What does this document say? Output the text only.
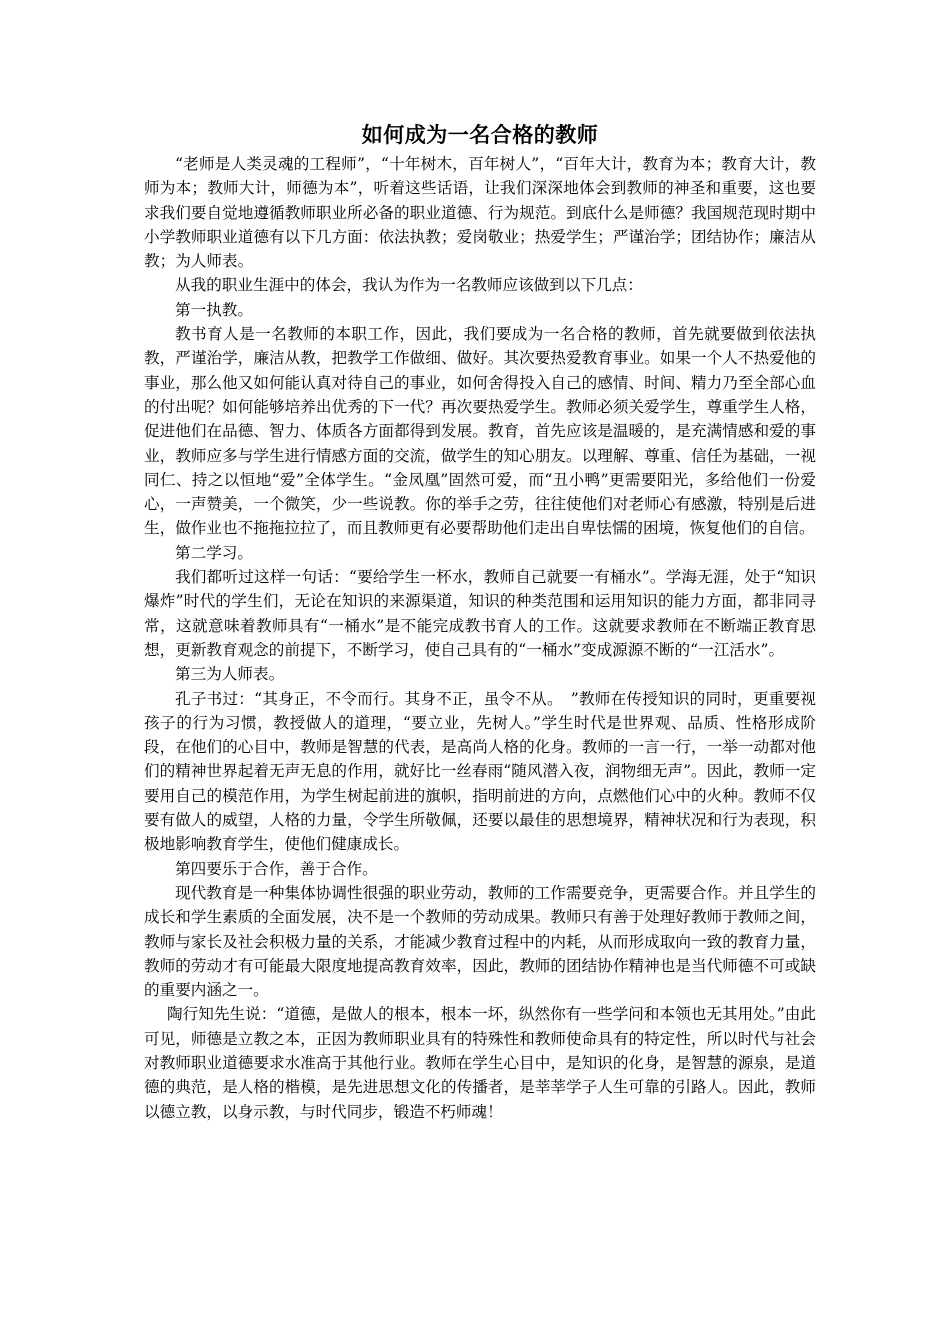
如何成为一名合格的教师

“老师是人类灵魂的工程师”，“十年树木，百年树人”，“百年大计，教育为本；教育大计，教师为本；教师大计，师德为本”，听着这些话语，让我们深深地体会到教师的神圣和重要，这也要求我们要自觉地遵循教师职业所必备的职业道德、行为规范。到底什么是师德？我国规范现时期中小学教师职业道德有以下几方面：依法执教；爱岗敬业；热爱学生；严谨治学；团结协作；廉洁从教；为人师表。

从我的职业生涯中的体会，我认为作为一名教师应该做到以下几点：

第一执教。

教书育人是一名教师的本职工作，因此，我们要成为一名合格的教师，首先就要做到依法执教，严谨治学，廉洁从教，把教学工作做细、做好。其次要热爱教育事业。如果一个人不热爱他的事业，那么他又如何能认真对待自己的事业，如何舍得投入自己的感情、时间、精力乃至全部心血的付出呢？如何能够培养出优秀的下一代？再次要热爱学生。教师必须关爱学生，尊重学生人格，促进他们在品德、智力、体质各方面都得到发展。教育，首先应该是温暖的，是充满情感和爱的事业，教师应多与学生进行情感方面的交流，做学生的知心朋友。以理解、尊重、信任为基础，一视同仁、持之以恒地“爱”全体学生。“金凤凰”固然可爱，而“丑小鸭”更需要阳光，多给他们一份爱心，一声赞美，一个微笑，少一些说教。你的举手之劳，往往使他们对老师心有感激，特别是后进生，做作业也不拖拖拉拉了，而且教师更有必要帮助他们走出自卑怯懦的困境，恢复他们的自信。

第二学习。

我们都听过这样一句话：“要给学生一杯水，教师自己就要一有桶水”。学海无涯，处于“知识爆炸”时代的学生们，无论在知识的来源渠道，知识的种类范围和运用知识的能力方面，都非同寻常，这就意味着教师具有“一桶水”是不能完成教书育人的工作。这就要求教师在不断端正教育思想，更新教育观念的前提下，不断学习，使自己具有的“一桶水”变成源源不断的“一江活水”。

第三为人师表。

孔子书过：“其身正，不令而行。其身不正，虽令不从。　”教师在传授知识的同时，更重要视孩子的行为习惯，教授做人的道理，“要立业，先树人。”学生时代是世界观、品质、性格形成阶段，在他们的心目中，教师是智慧的代表，是高尚人格的化身。教师的一言一行，一举一动都对他们的精神世界起着无声无息的作用，就好比一丝春雨“随风潜入夜，润物细无声”。因此，教师一定要用自己的模范作用，为学生树起前进的旗帜，指明前进的方向，点燃他们心中的火种。教师不仅要有做人的威望，人格的力量，令学生所敬佩，还要以最佳的思想境界，精神状况和行为表现，积极地影响教育学生，使他们健康成长。

第四要乐于合作，善于合作。

现代教育是一种集体协调性很强的职业劳动，教师的工作需要竞争，更需要合作。并且学生的成长和学生素质的全面发展，决不是一个教师的劳动成果。教师只有善于处理好教师于教师之间，教师与家长及社会积极力量的关系，才能减少教育过程中的内耗，从而形成取向一致的教育力量，教师的劳动才有可能最大限度地提高教育效率，因此，教师的团结协作精神也是当代师德不可或缺的重要内涵之一。

陶行知先生说：“道德，是做人的根本，根本一坏，纵然你有一些学问和本领也无其用处。”由此可见，师德是立教之本，正因为教师职业具有的特殊性和教师使命具有的特定性，所以时代与社会对教师职业道德要求水准高于其他行业。教师在学生心目中，是知识的化身，是智慧的源泉，是道德的典范，是人格的楷模，是先进思想文化的传播者，是莘莘学子人生可靠的引路人。因此，教师以德立教，以身示教，与时代同步，锻造不朽师魂！
